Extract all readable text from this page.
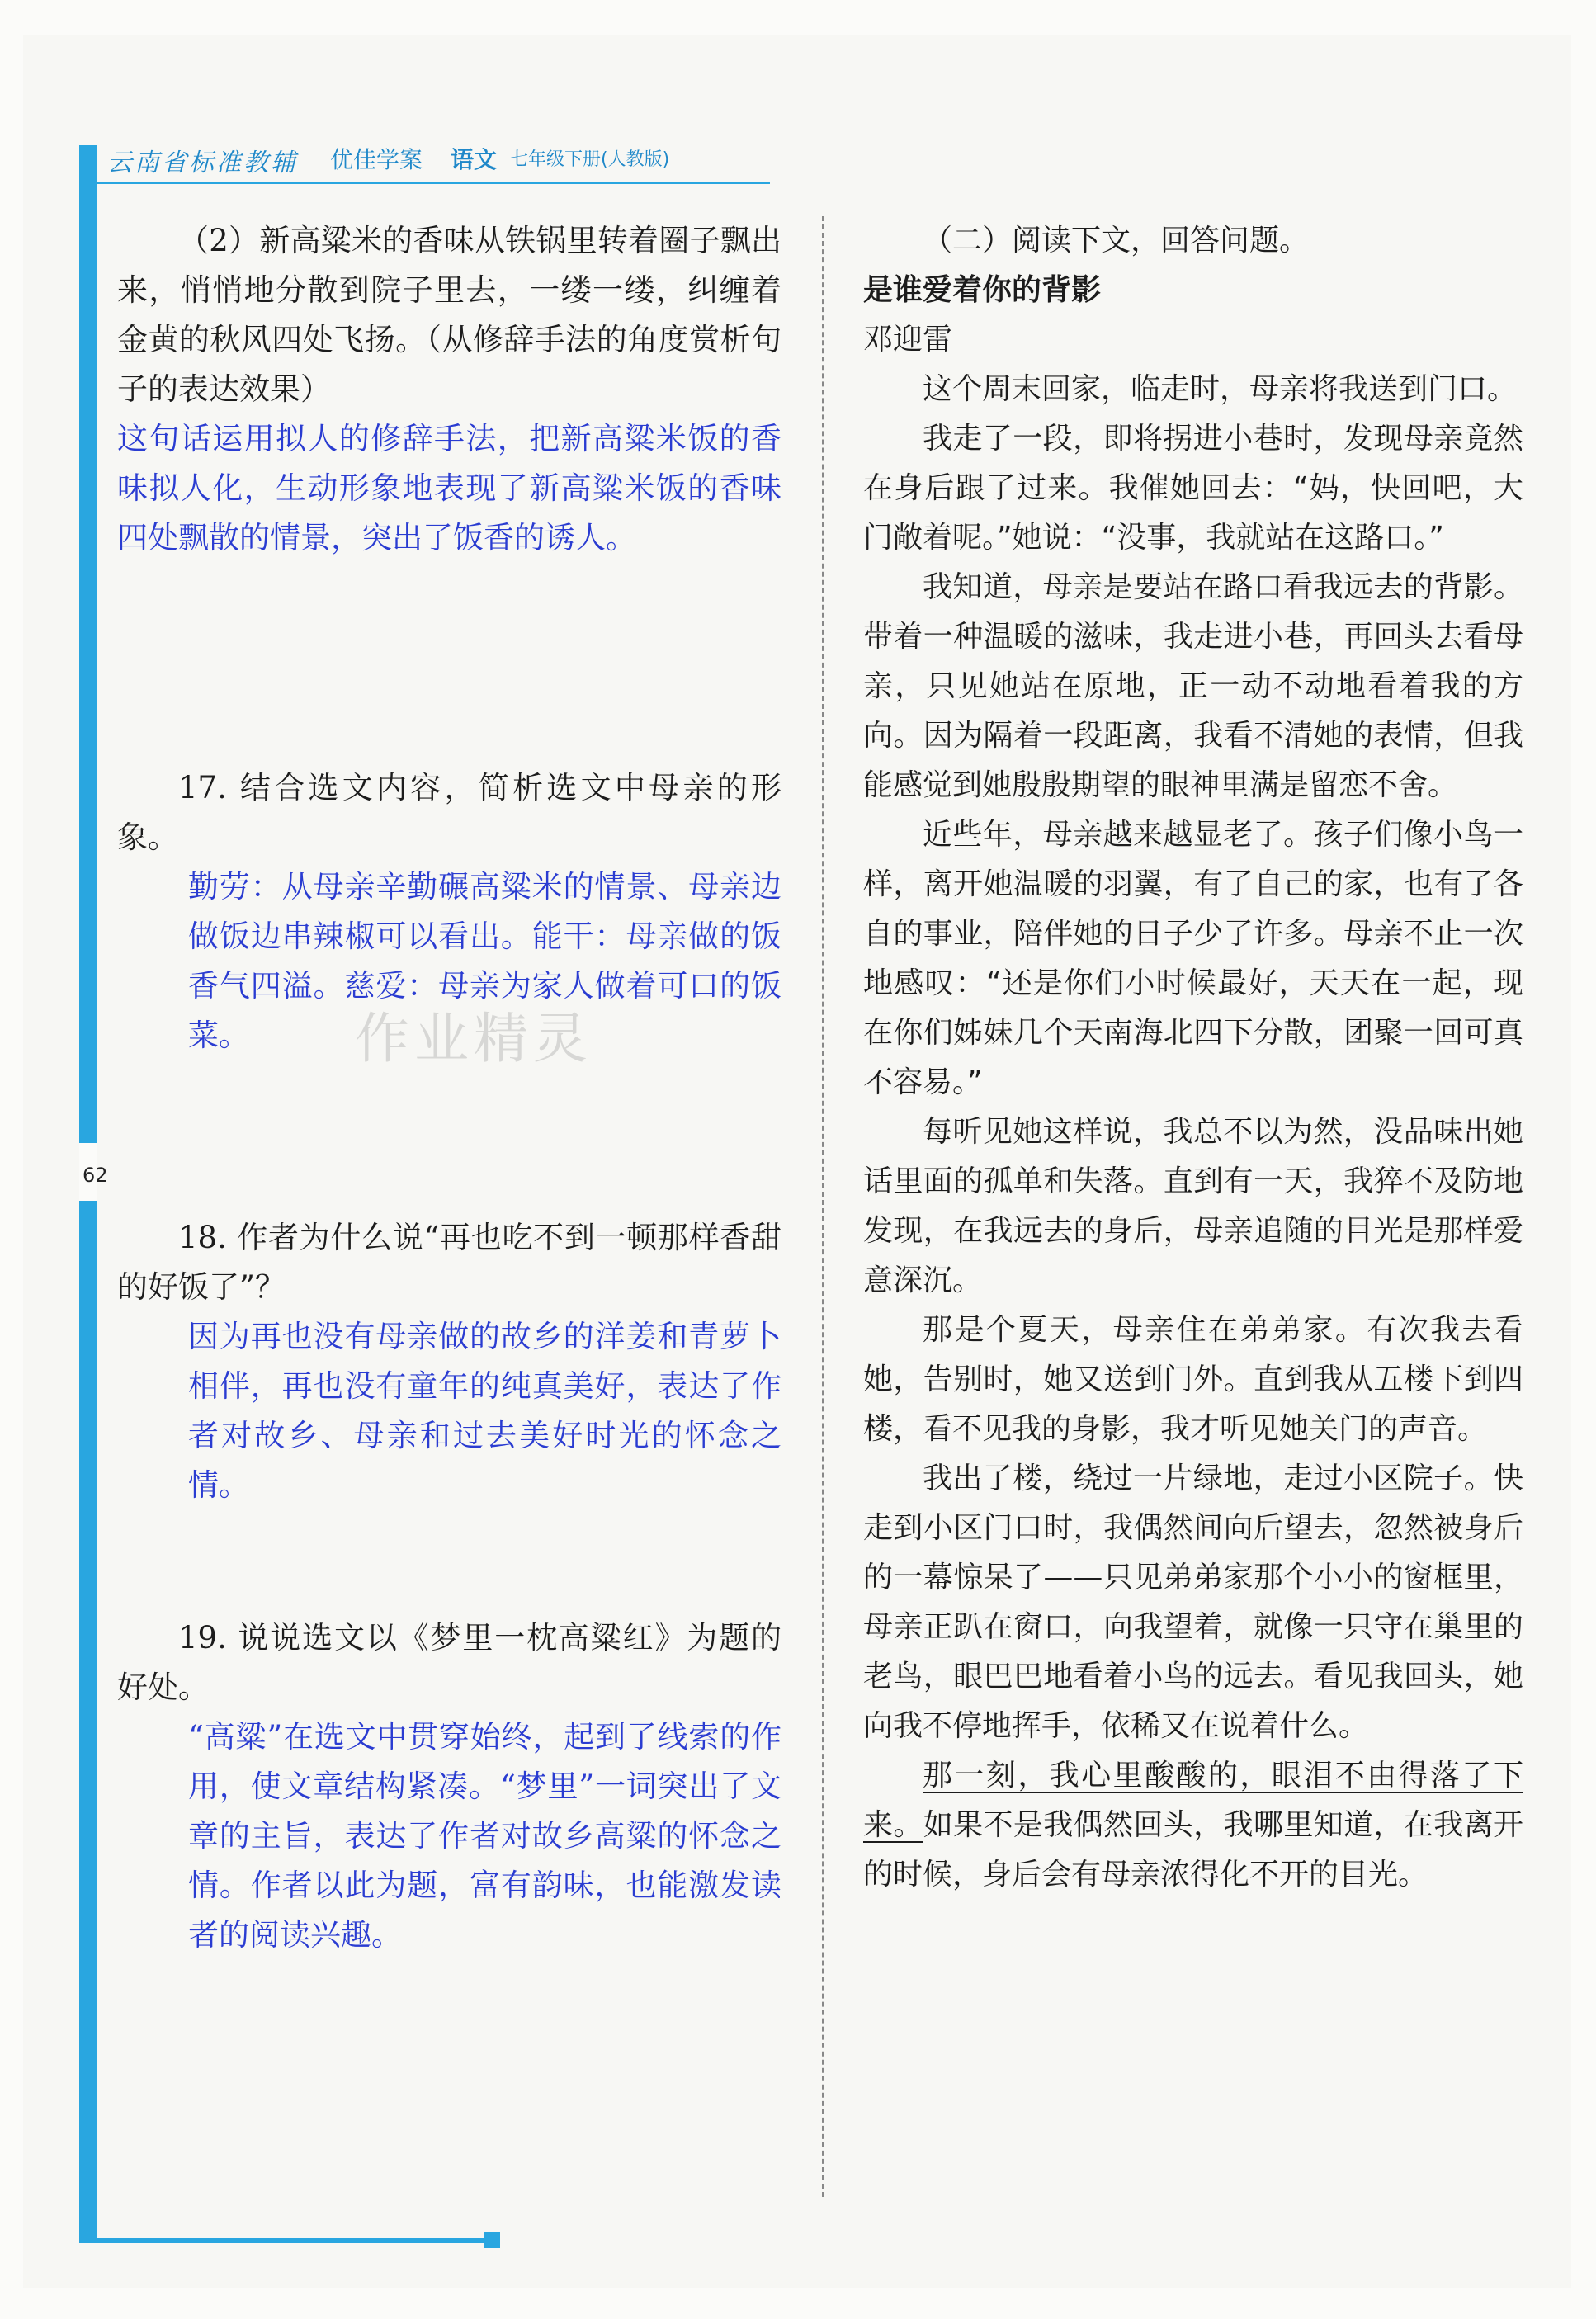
云南省标准教辅 优佳学案 语文 七年级下册(人教版)
62
作业精灵

（2）新高粱米的香味从铁锅里转着圈子飘出来，悄悄地分散到院子里去，一缕一缕，纠缠着金黄的秋风四处飞扬。（从修辞手法的角度赏析句子的表达效果）

这句话运用拟人的修辞手法，把新高粱米饭的香味拟人化，生动形象地表现了新高粱米饭的香味四处飘散的情景，突出了饭香的诱人。

17. 结合选文内容，简析选文中母亲的形象。

勤劳：从母亲辛勤碾高粱米的情景、母亲边做饭边串辣椒可以看出。能干：母亲做的饭香气四溢。慈爱：母亲为家人做着可口的饭菜。

18. 作者为什么说“再也吃不到一顿那样香甜的好饭了”？

因为再也没有母亲做的故乡的洋姜和青萝卜相伴，再也没有童年的纯真美好，表达了作者对故乡、母亲和过去美好时光的怀念之情。

19. 说说选文以《梦里一枕高粱红》为题的好处。

“高粱”在选文中贯穿始终，起到了线索的作用，使文章结构紧凑。“梦里”一词突出了文章的主旨，表达了作者对故乡高粱的怀念之情。作者以此为题，富有韵味，也能激发读者的阅读兴趣。

（二）阅读下文，回答问题。

是谁爱着你的背影

邓迎雷

这个周末回家，临走时，母亲将我送到门口。

我走了一段，即将拐进小巷时，发现母亲竟然在身后跟了过来。我催她回去：“妈，快回吧，大门敞着呢。”她说：“没事，我就站在这路口。”

我知道，母亲是要站在路口看我远去的背影。带着一种温暖的滋味，我走进小巷，再回头去看母亲，只见她站在原地，正一动不动地看着我的方向。因为隔着一段距离，我看不清她的表情，但我能感觉到她殷殷期望的眼神里满是留恋不舍。

近些年，母亲越来越显老了。孩子们像小鸟一样，离开她温暖的羽翼，有了自己的家，也有了各自的事业，陪伴她的日子少了许多。母亲不止一次地感叹：“还是你们小时候最好，天天在一起，现在你们姊妹几个天南海北四下分散，团聚一回可真不容易。”

每听见她这样说，我总不以为然，没品味出她话里面的孤单和失落。直到有一天，我猝不及防地发现，在我远去的身后，母亲追随的目光是那样爱意深沉。

那是个夏天，母亲住在弟弟家。有次我去看她，告别时，她又送到门外。直到我从五楼下到四楼，看不见我的身影，我才听见她关门的声音。

我出了楼，绕过一片绿地，走过小区院子。快走到小区门口时，我偶然间向后望去，忽然被身后的一幕惊呆了——只见弟弟家那个小小的窗框里，母亲正趴在窗口，向我望着，就像一只守在巢里的老鸟，眼巴巴地看着小鸟的远去。看见我回头，她向我不停地挥手，依稀又在说着什么。

那一刻，我心里酸酸的，眼泪不由得落了下来。如果不是我偶然回头，我哪里知道，在我离开的时候，身后会有母亲浓得化不开的目光。
